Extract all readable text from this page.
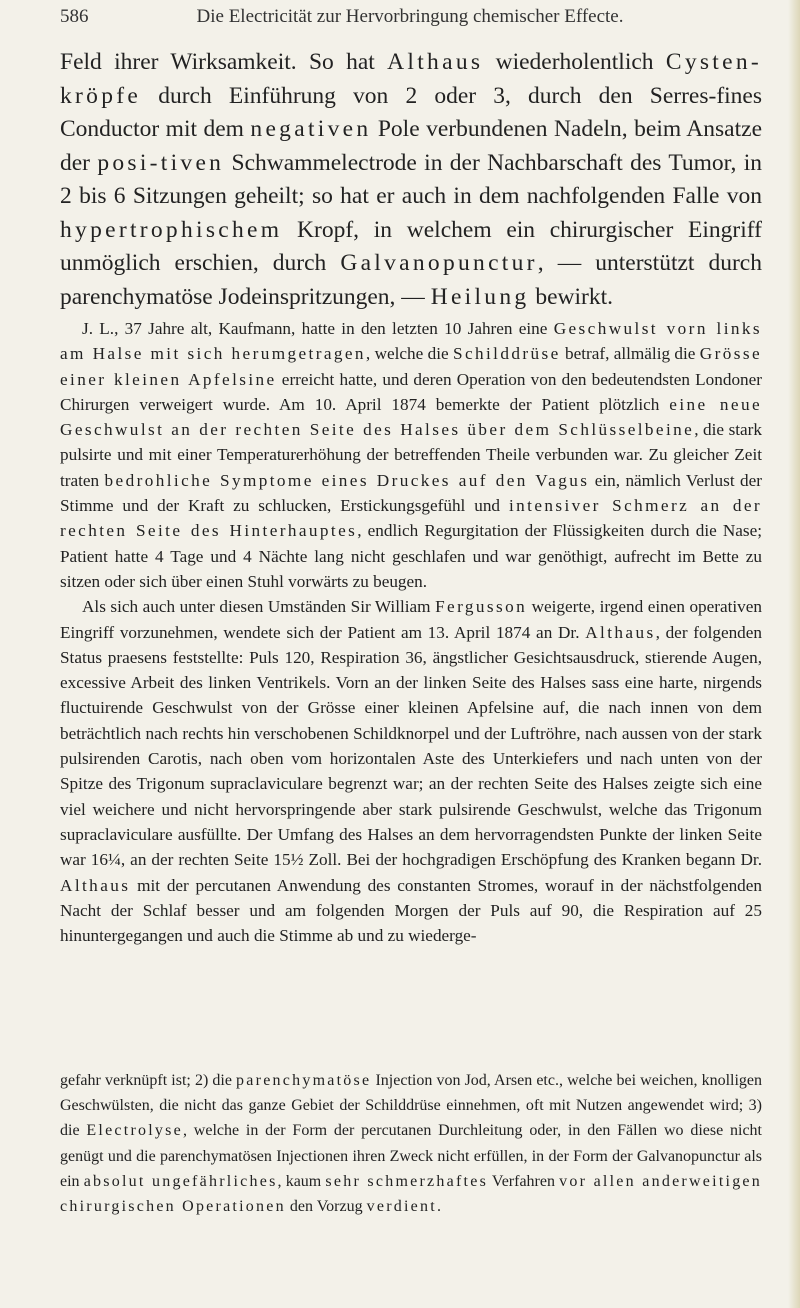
586	Die Electricität zur Hervorbringung chemischer Effecte.

Feld ihrer Wirksamkeit. So hat Althaus wiederholentlich Cysten-kröpfe durch Einführung von 2 oder 3, durch den Serres-fines Conductor mit dem negativen Pole verbundenen Nadeln, beim Ansatze der posi-tiven Schwammelectrode in der Nachbarschaft des Tumor, in 2 bis 6 Sitzungen geheilt; so hat er auch in dem nachfolgenden Falle von hypertrophischem Kropf, in welchem ein chirurgischer Eingriff unmöglich erschien, durch Galvanopunctur, — unterstützt durch parenchymatöse Jodeinspritzungen, — Heilung bewirkt.

J. L., 37 Jahre alt, Kaufmann, hatte in den letzten 10 Jahren eine Geschwulst vorn links am Halse mit sich herumgetragen, welche die Schilddrüse betraf, allmälig die Grösse einer kleinen Apfelsine erreicht hatte, und deren Operation von den bedeutendsten Londoner Chirurgen verweigert wurde. Am 10. April 1874 bemerkte der Patient plötzlich eine neue Geschwulst an der rechten Seite des Halses über dem Schlüsselbeine, die stark pulsirte und mit einer Temperaturerhöhung der betreffenden Theile verbunden war. Zu gleicher Zeit traten bedrohliche Symptome eines Druckes auf den Vagus ein, nämlich Verlust der Stimme und der Kraft zu schlucken, Erstickungsgefühl und intensiver Schmerz an der rechten Seite des Hinterhauptes, endlich Regurgitation der Flüssigkeiten durch die Nase; Patient hatte 4 Tage und 4 Nächte lang nicht geschlafen und war genöthigt, aufrecht im Bette zu sitzen oder sich über einen Stuhl vorwärts zu beugen.

Als sich auch unter diesen Umständen Sir William Fergusson weigerte, irgend einen operativen Eingriff vorzunehmen, wendete sich der Patient am 13. April 1874 an Dr. Althaus, der folgenden Status praesens feststellte: Puls 120, Respiration 36, ängstlicher Gesichtsausdruck, stierende Augen, excessive Arbeit des linken Ventrikels. Vorn an der linken Seite des Halses sass eine harte, nirgends fluctuirende Geschwulst von der Grösse einer kleinen Apfelsine auf, die nach innen von dem beträchtlich nach rechts hin verschobenen Schildknorpel und der Luftröhre, nach aussen von der stark pulsirenden Carotis, nach oben vom horizontalen Aste des Unterkiefers und nach unten von der Spitze des Trigonum supraclaviculare begrenzt war; an der rechten Seite des Halses zeigte sich eine viel weichere und nicht hervorspringende aber stark pulsirende Geschwulst, welche das Trigonum supraclaviculare ausfüllte. Der Umfang des Halses an dem hervorragendsten Punkte der linken Seite war 16¼, an der rechten Seite 15½ Zoll. Bei der hochgradigen Erschöpfung des Kranken begann Dr. Althaus mit der percutanen Anwendung des constanten Stromes, worauf in der nächstfolgenden Nacht der Schlaf besser und am folgenden Morgen der Puls auf 90, die Respiration auf 25 hinuntergegangen und auch die Stimme ab und zu wiederge-

gefahr verknüpft ist; 2) die parenchymatöse Injection von Jod, Arsen etc., welche bei weichen, knolligen Geschwülsten, die nicht das ganze Gebiet der Schilddrüse einnehmen, oft mit Nutzen angewendet wird; 3) die Electrolyse, welche in der Form der percutanen Durchleitung oder, in den Fällen wo diese nicht genügt und die parenchymatösen Injectionen ihren Zweck nicht erfüllen, in der Form der Galvanopunctur als ein absolut ungefährliches, kaum sehr schmerzhaftes Verfahren vor allen anderweitigen chirurgischen Operationen den Vorzug verdient.
